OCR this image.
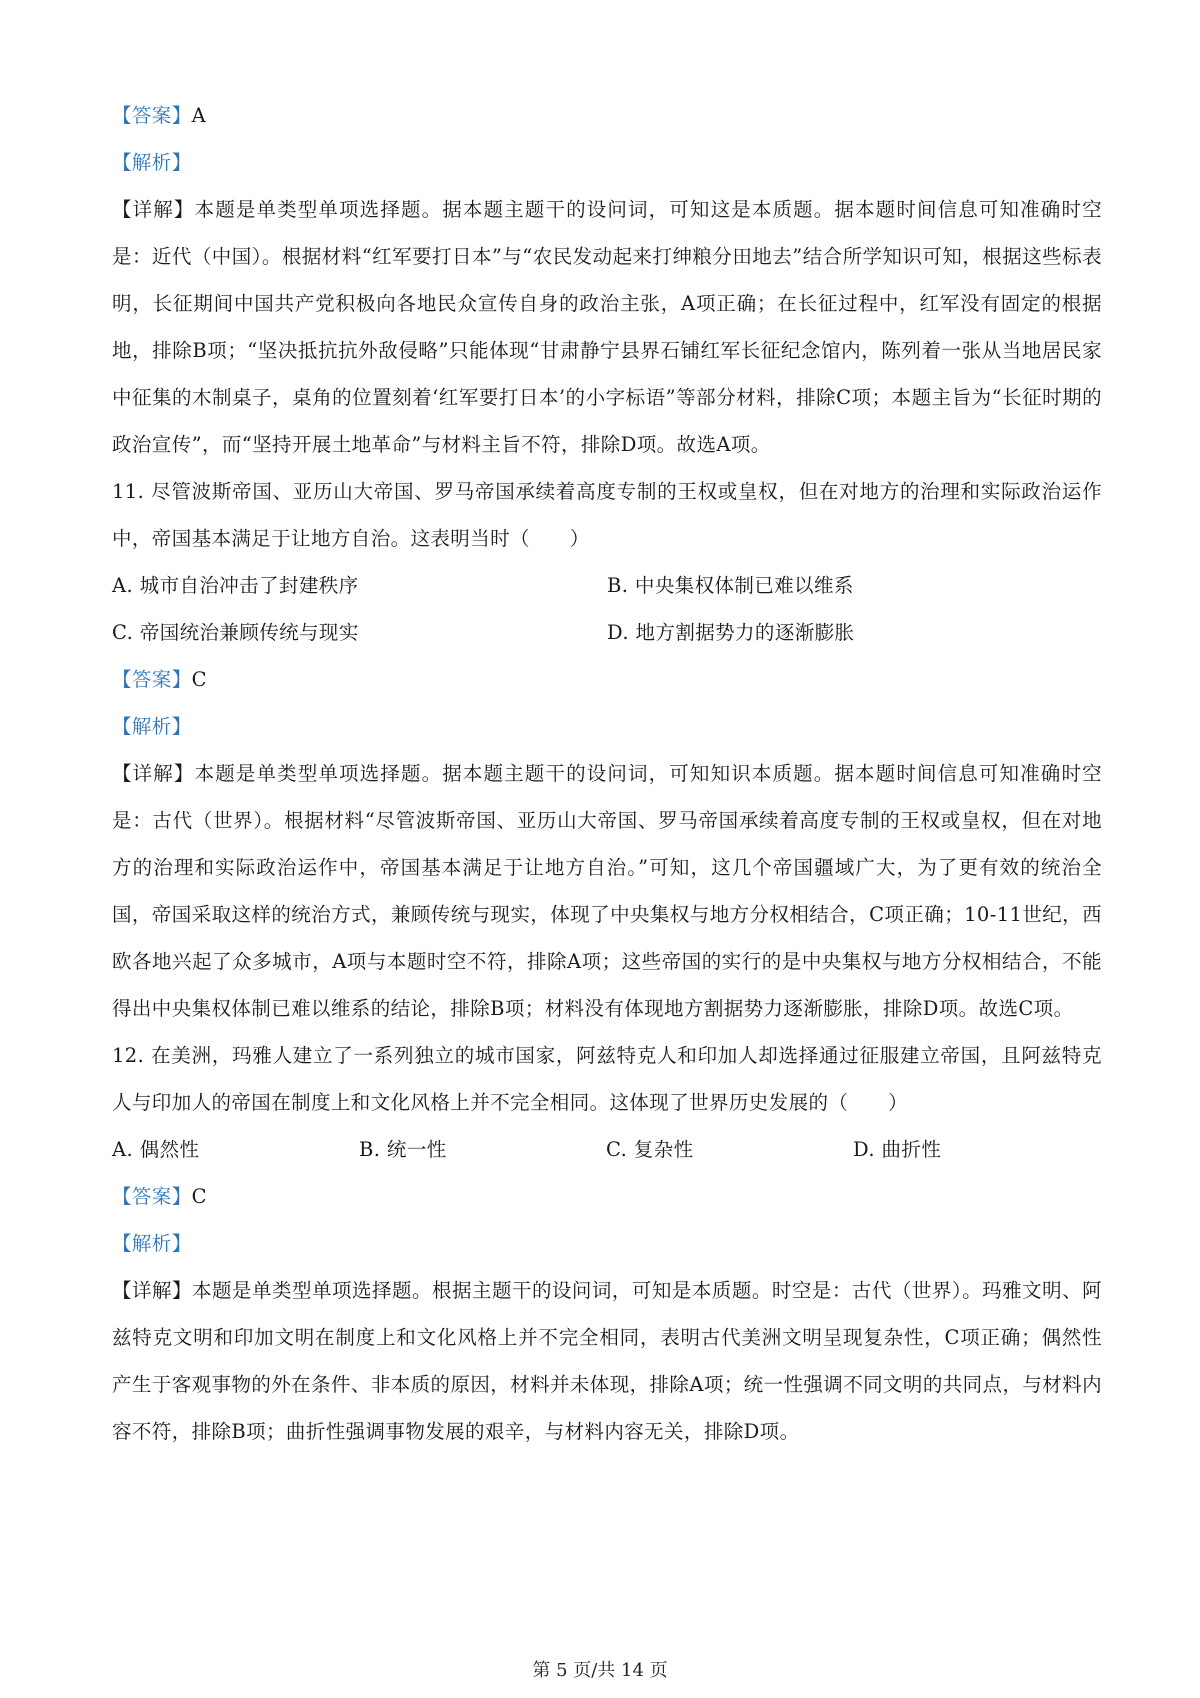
【答案】A
【解析】
【详解】本题是单类型单项选择题。据本题主题干的设问词，可知这是本质题。据本题时间信息可知准确时空是：近代（中国）。根据材料“红军要打日本”与“农民发动起来打绅粮分田地去”结合所学知识可知，根据这些标表明，长征期间中国共产党积极向各地民众宣传自身的政治主张，A项正确；在长征过程中，红军没有固定的根据地，排除B项；“坚决抵抗抗外敌侵略”只能体现“甘肃静宁县界石铺红军长征纪念馆内，陈列着一张从当地居民家中征集的木制桌子，桌角的位置刻着‘红军要打日本’的小字标语”等部分材料，排除C项；本题主旨为“长征时期的政治宣传”，而“坚持开展土地革命”与材料主旨不符，排除D项。故选A项。
11. 尽管波斯帝国、亚历山大帝国、罗马帝国承续着高度专制的王权或皇权，但在对地方的治理和实际政治运作中，帝国基本满足于让地方自治。这表明当时（　　）
A. 城市自治冲击了封建秩序	B. 中央集权体制已难以维系
C. 帝国统治兼顾传统与现实	D. 地方割据势力的逐渐膨胀
【答案】C
【解析】
【详解】本题是单类型单项选择题。据本题主题干的设问词，可知知识本质题。据本题时间信息可知准确时空是：古代（世界）。根据材料“尽管波斯帝国、亚历山大帝国、罗马帝国承续着高度专制的王权或皇权，但在对地方的治理和实际政治运作中，帝国基本满足于让地方自治。”可知，这几个帝国疆域广大，为了更有效的统治全国，帝国采取这样的统治方式，兼顾传统与现实，体现了中央集权与地方分权相结合，C项正确；10-11世纪，西欧各地兴起了众多城市，A项与本题时空不符，排除A项；这些帝国的实行的是中央集权与地方分权相结合，不能得出中央集权体制已难以维系的结论，排除B项；材料没有体现地方割据势力逐渐膨胀，排除D项。故选C项。
12. 在美洲，玛雅人建立了一系列独立的城市国家，阿兹特克人和印加人却选择通过征服建立帝国，且阿兹特克人与印加人的帝国在制度上和文化风格上并不完全相同。这体现了世界历史发展的（　　）
A. 偶然性	B. 统一性	C. 复杂性	D. 曲折性
【答案】C
【解析】
【详解】本题是单类型单项选择题。根据主题干的设问词，可知是本质题。时空是：古代（世界）。玛雅文明、阿兹特克文明和印加文明在制度上和文化风格上并不完全相同，表明古代美洲文明呈现复杂性，C项正确；偶然性产生于客观事物的外在条件、非本质的原因，材料并未体现，排除A项；统一性强调不同文明的共同点，与材料内容不符，排除B项；曲折性强调事物发展的艰辛，与材料内容无关，排除D项。
第 5 页/共 14 页
